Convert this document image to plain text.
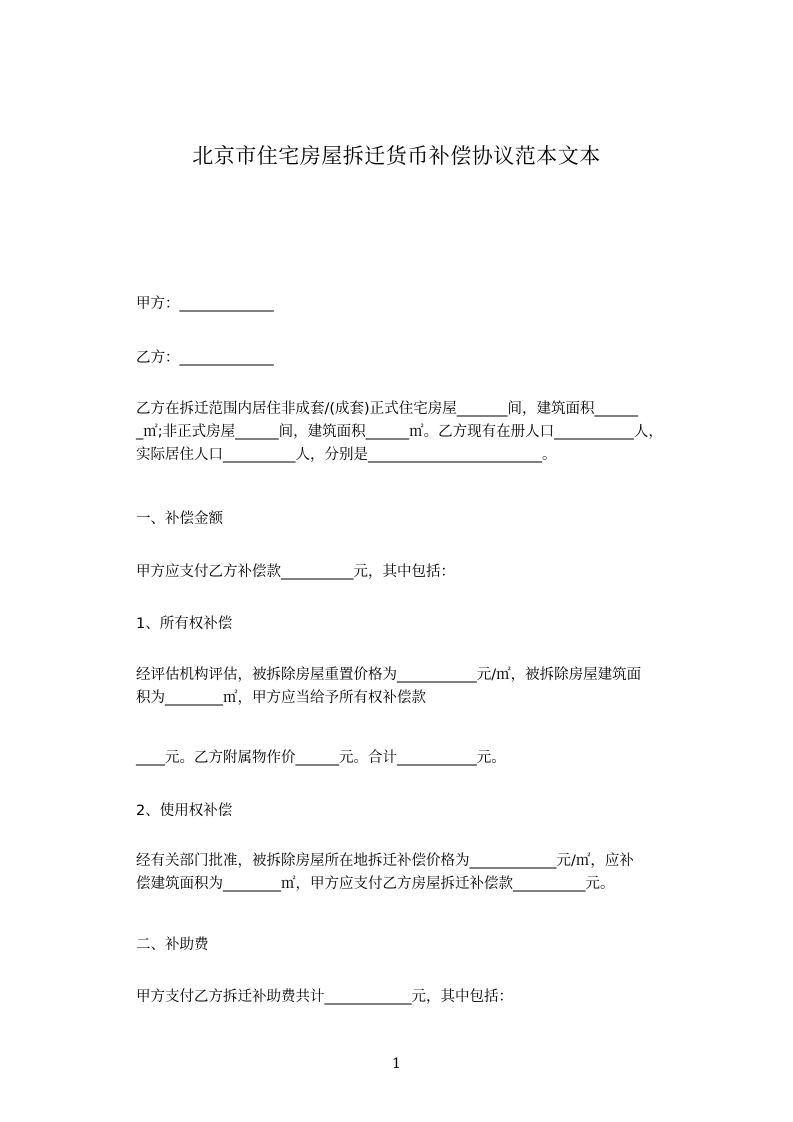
北京市住宅房屋拆迁货币补偿协议范本文本
甲方：_____________
乙方：_____________
乙方在拆迁范围内居住非成套/(成套)正式住宅房屋_______间，建筑面积______
_㎡;非正式房屋______间，建筑面积______㎡。乙方现有在册人口___________人，
实际居住人口__________人，分别是________________________。
一、补偿金额
甲方应支付乙方补偿款__________元，其中包括：
1、所有权补偿
经评估机构评估，被拆除房屋重置价格为___________元/㎡，被拆除房屋建筑面
积为________㎡，甲方应当给予所有权补偿款
____元。乙方附属物作价______元。合计___________元。
2、使用权补偿
经有关部门批准，被拆除房屋所在地拆迁补偿价格为____________元/㎡，应补
偿建筑面积为________㎡，甲方应支付乙方房屋拆迁补偿款__________元。
二、补助费
甲方支付乙方拆迁补助费共计____________元，其中包括：
1
